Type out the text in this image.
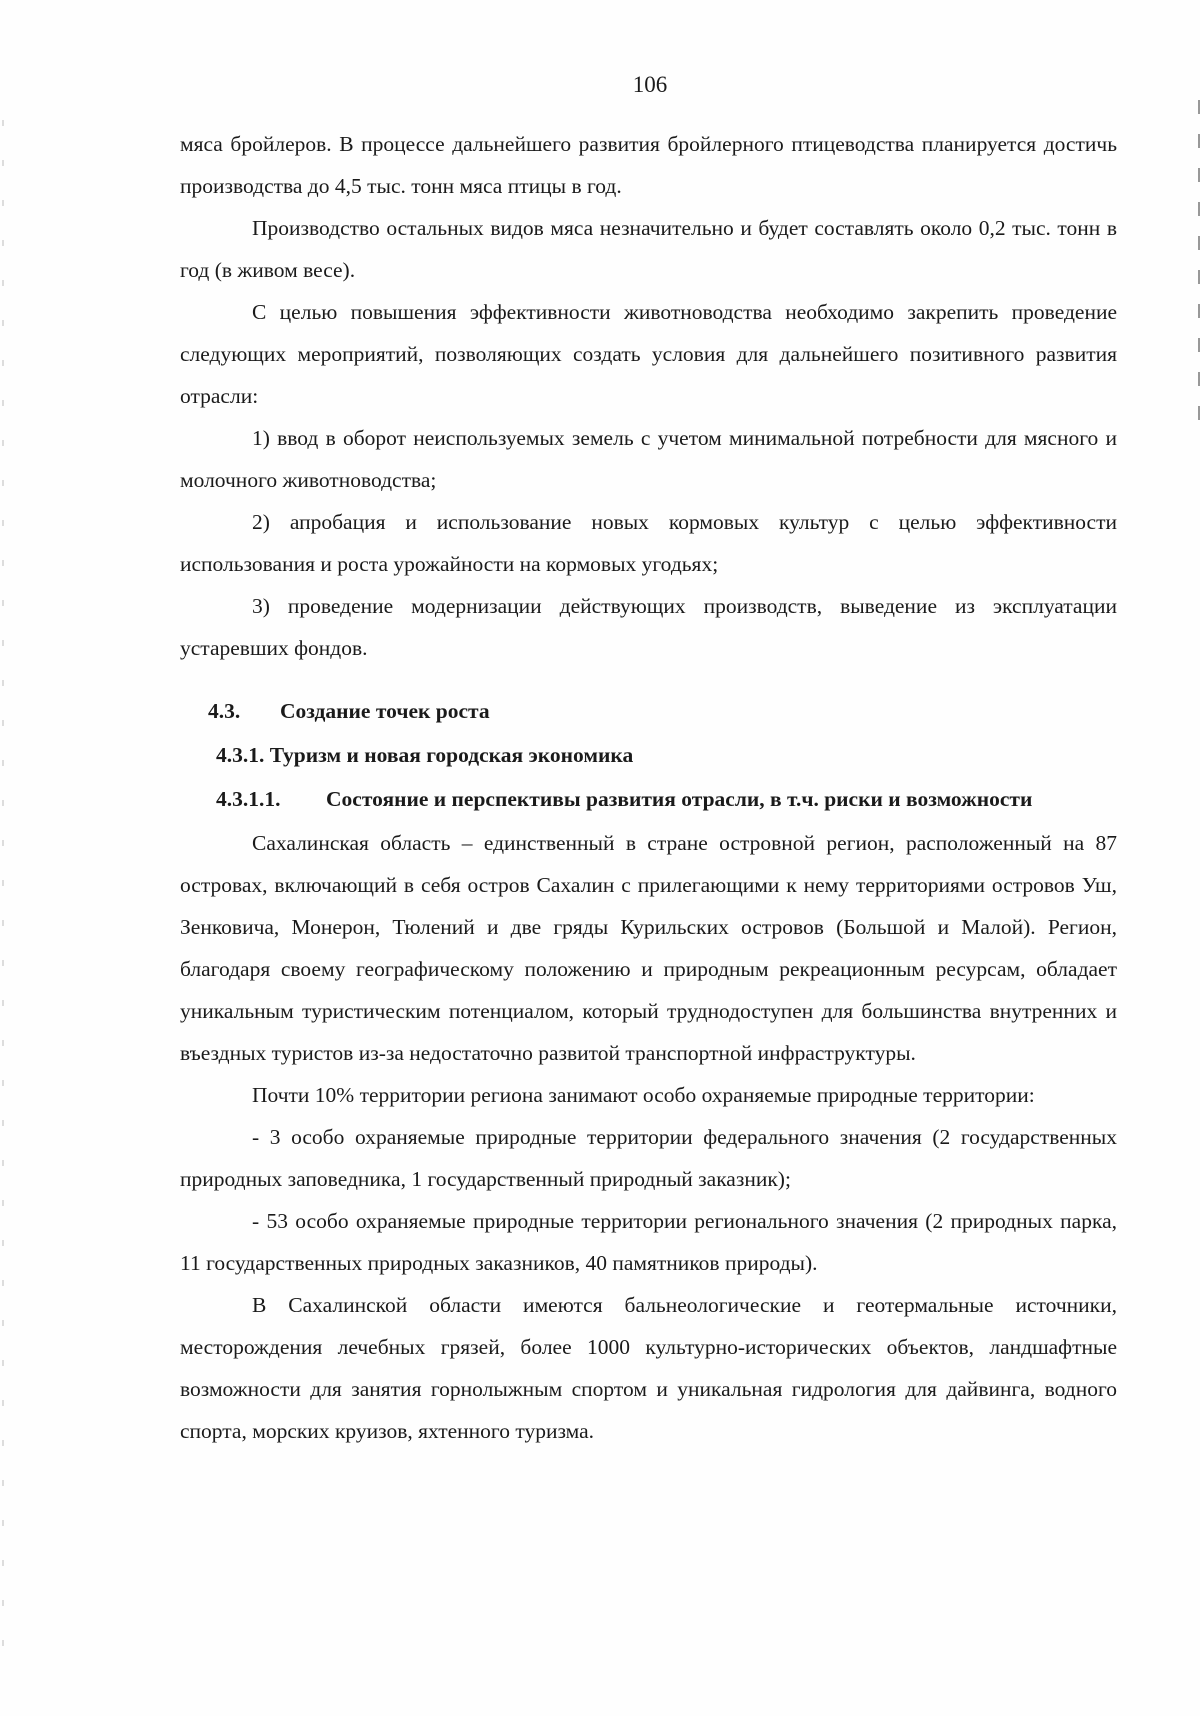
106

мяса бройлеров. В процессе дальнейшего развития бройлерного птицеводства планируется достичь производства до 4,5 тыс. тонн мяса птицы в год.

Производство остальных видов мяса незначительно и будет составлять около 0,2 тыс. тонн в год (в живом весе).

С целью повышения эффективности животноводства необходимо закрепить проведение следующих мероприятий, позволяющих создать условия для дальнейшего позитивного развития отрасли:

1) ввод в оборот неиспользуемых земель с учетом минимальной потребности для мясного и молочного животноводства;

2) апробация и использование новых кормовых культур с целью эффективности использования и роста урожайности на кормовых угодьях;

3) проведение модернизации действующих производств, выведение из эксплуатации устаревших фондов.

4.3. Создание точек роста
4.3.1. Туризм и новая городская экономика
4.3.1.1.	Состояние и перспективы развития отрасли, в т.ч. риски и возможности

Сахалинская область – единственный в стране островной регион, расположенный на 87 островах, включающий в себя остров Сахалин с прилегающими к нему территориями островов Уш, Зенковича, Монерон, Тюлений и две гряды Курильских островов (Большой и Малой). Регион, благодаря своему географическому положению и природным рекреационным ресурсам, обладает уникальным туристическим потенциалом, который труднодоступен для большинства внутренних и въездных туристов из-за недостаточно развитой транспортной инфраструктуры.

Почти 10% территории региона занимают особо охраняемые природные территории:

- 3 особо охраняемые природные территории федерального значения (2 государственных природных заповедника, 1 государственный природный заказник);

- 53 особо охраняемые природные территории регионального значения (2 природных парка, 11 государственных природных заказников, 40 памятников природы).

В Сахалинской области имеются бальнеологические и геотермальные источники, месторождения лечебных грязей, более 1000 культурно-исторических объектов, ландшафтные возможности для занятия горнолыжным спортом и уникальная гидрология для дайвинга, водного спорта, морских круизов, яхтенного туризма.
